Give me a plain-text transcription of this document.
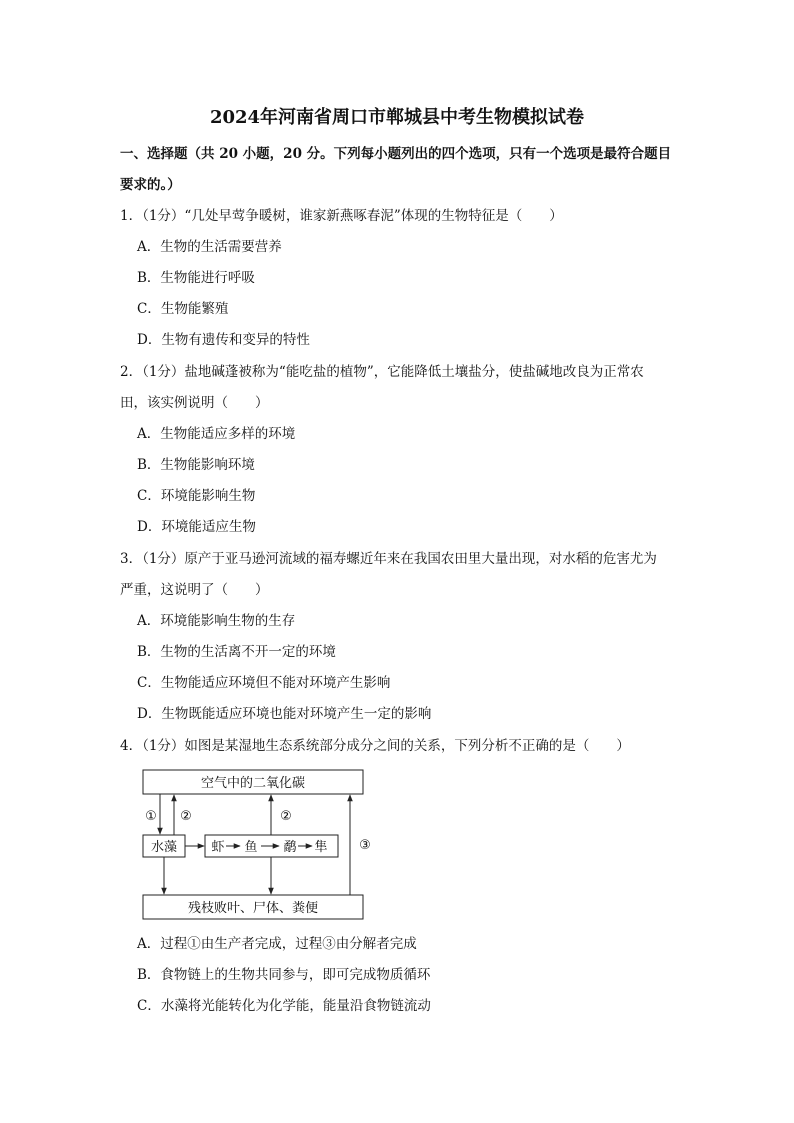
2024年河南省周口市郸城县中考生物模拟试卷
一、选择题（共 20 小题，20 分。下列每小题列出的四个选项，只有一个选项是最符合题目
要求的。）
1．（1分）“几处早莺争暖树，谁家新燕啄春泥”体现的生物特征是（　　）
A．生物的生活需要营养
B．生物能进行呼吸
C．生物能繁殖
D．生物有遗传和变异的特性
2．（1分）盐地碱蓬被称为“能吃盐的植物”，它能降低土壤盐分，使盐碱地改良为正常农
田，该实例说明（　　）
A．生物能适应多样的环境
B．生物能影响环境
C．环境能影响生物
D．环境能适应生物
3．（1分）原产于亚马逊河流域的福寿螺近年来在我国农田里大量出现，对水稻的危害尤为
严重，这说明了（　　）
A．环境能影响生物的生存
B．生物的生活离不开一定的环境
C．生物能适应环境但不能对环境产生影响
D．生物既能适应环境也能对环境产生一定的影响
4．（1分）如图是某湿地生态系统部分成分之间的关系，下列分析不正确的是（　　）
空气中的二氧化碳
水藻	虾 鱼 鹬 隼
残枝败叶、尸体、粪便
① ②	②
③
A．过程①由生产者完成，过程③由分解者完成
B．食物链上的生物共同参与，即可完成物质循环
C．水藻将光能转化为化学能，能量沿食物链流动
